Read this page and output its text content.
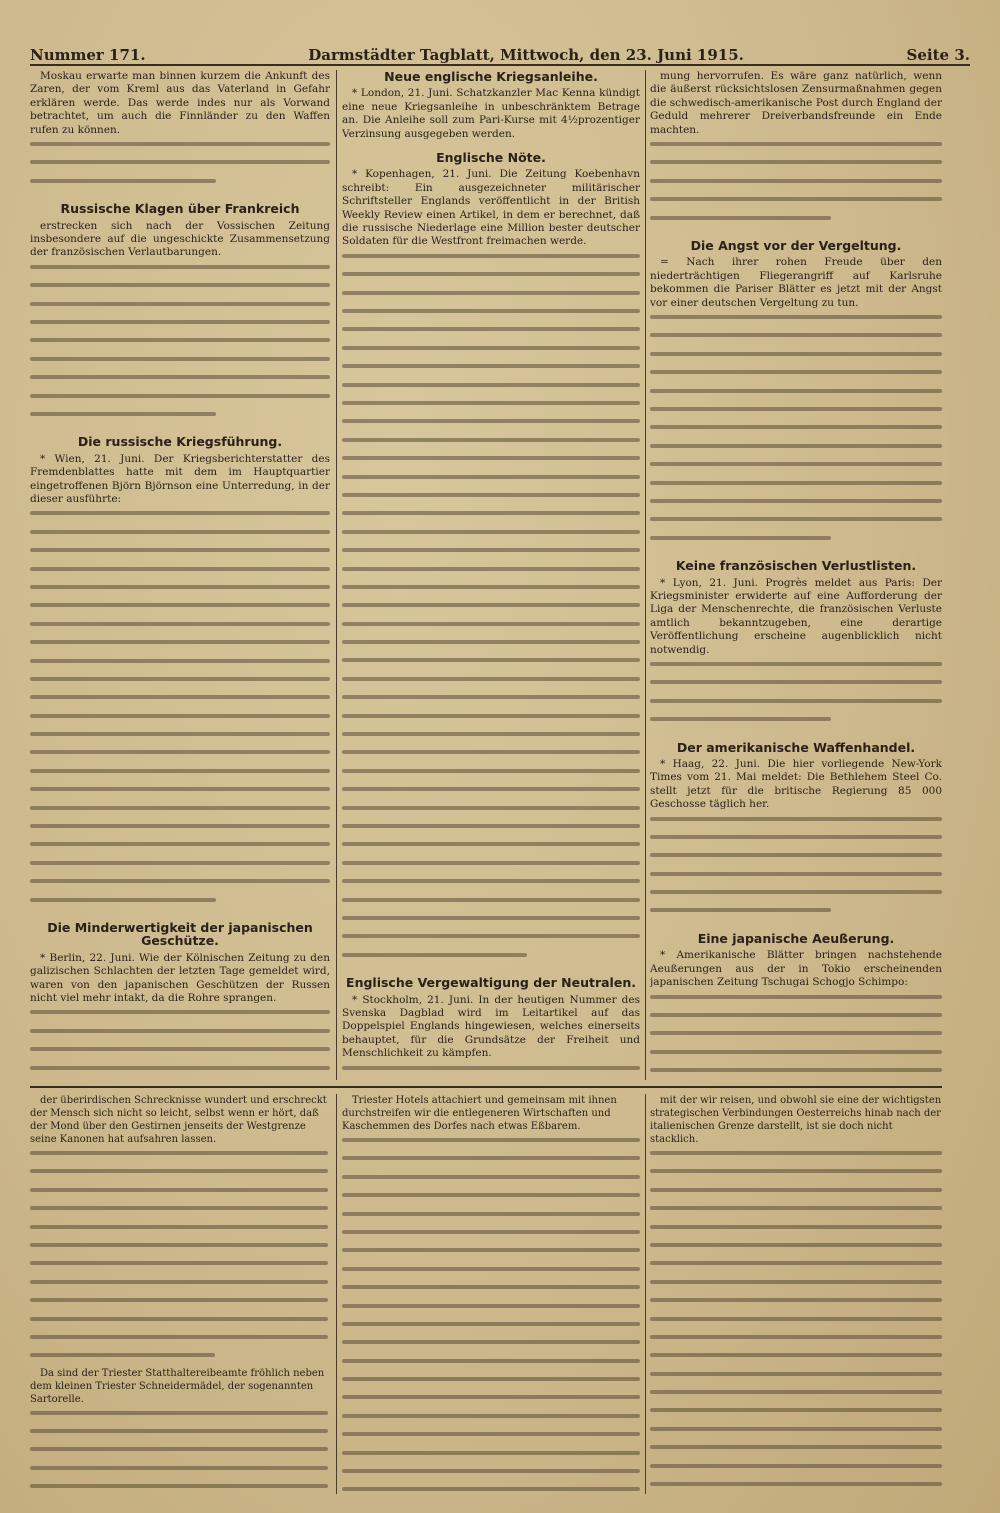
Nummer 171.	Darmstädter Tagblatt, Mittwoch, den 23. Juni 1915.	Seite 3.

Moskau erwarte man binnen kurzem die Ankunft des Zaren, der vom Kreml aus das Vaterland in Gefahr erklären werde. Das werde indes nur als Vorwand betrachtet, um auch die Finnländer zu den Waffen rufen zu können.

Russische Klagen über Frankreich

erstrecken sich nach der Vossischen Zeitung insbesondere auf die ungeschickte Zusammensetzung der französischen Verlautbarungen.

Die russische Kriegsführung.

* Wien, 21. Juni. Der Kriegsberichterstatter des Fremdenblattes hatte mit dem im Hauptquartier eingetroffenen Björn Björnson eine Unterredung, in der dieser ausführte:

Die Minderwertigkeit der japanischen Geschütze.

* Berlin, 22. Juni. Wie der Kölnischen Zeitung zu den galizischen Schlachten der letzten Tage gemeldet wird, waren von den japanischen Geschützen der Russen nicht viel mehr intakt, da die Rohre sprangen.

Neue englische Kriegsanleihe.

* London, 21. Juni. Schatzkanzler Mac Kenna kündigt eine neue Kriegsanleihe in unbeschränktem Betrage an. Die Anleihe soll zum Pari-Kurse mit 4½prozentiger Verzinsung ausgegeben werden.

Englische Nöte.

* Kopenhagen, 21. Juni. Die Zeitung Koebenhavn schreibt: Ein ausgezeichneter militärischer Schriftsteller Englands veröffentlicht in der British Weekly Review einen Artikel, in dem er berechnet, daß die russische Niederlage eine Million bester deutscher Soldaten für die Westfront freimachen werde.

Englische Vergewaltigung der Neutralen.

* Stockholm, 21. Juni. In der heutigen Nummer des Svenska Dagblad wird im Leitartikel auf das Doppelspiel Englands hingewiesen, welches einerseits behauptet, für die Grundsätze der Freiheit und Menschlichkeit zu kämpfen.

mung hervorrufen. Es wäre ganz natürlich, wenn die äußerst rücksichtslosen Zensurmaßnahmen gegen die schwedisch-amerikanische Post durch England der Geduld mehrerer Dreiverbandsfreunde ein Ende machten.

Die Angst vor der Vergeltung.

= Nach ihrer rohen Freude über den niederträchtigen Fliegerangriff auf Karlsruhe bekommen die Pariser Blätter es jetzt mit der Angst vor einer deutschen Vergeltung zu tun.

Keine französischen Verlustlisten.

* Lyon, 21. Juni. Progrès meldet aus Paris: Der Kriegsminister erwiderte auf eine Aufforderung der Liga der Menschenrechte, die französischen Verluste amtlich bekanntzugeben, eine derartige Veröffentlichung erscheine augenblicklich nicht notwendig.

Der amerikanische Waffenhandel.

* Haag, 22. Juni. Die hier vorliegende New-York Times vom 21. Mai meldet: Die Bethlehem Steel Co. stellt jetzt für die britische Regierung 85 000 Geschosse täglich her.

Eine japanische Aeußerung.

* Amerikanische Blätter bringen nachstehende Aeußerungen aus der in Tokio erscheinenden japanischen Zeitung Tschugai Schogjo Schimpo:

der überirdischen Schrecknisse wundert und erschreckt der Mensch sich nicht so leicht, selbst wenn er hört, daß der Mond über den Gestirnen jenseits der Westgrenze seine Kanonen hat aufsahren lassen.

Da sind der Triester Statthaltereibeamte fröhlich neben dem kleinen Triester Schneidermädel, der sogenannten Sartorelle.

Triester Hotels attachiert und gemeinsam mit ihnen durchstreifen wir die entlegeneren Wirtschaften und Kaschemmen des Dorfes nach etwas Eßbarem.

mit der wir reisen, und obwohl sie eine der wichtigsten strategischen Verbindungen Oesterreichs hinab nach der italienischen Grenze darstellt, ist sie doch nicht stacklich.
